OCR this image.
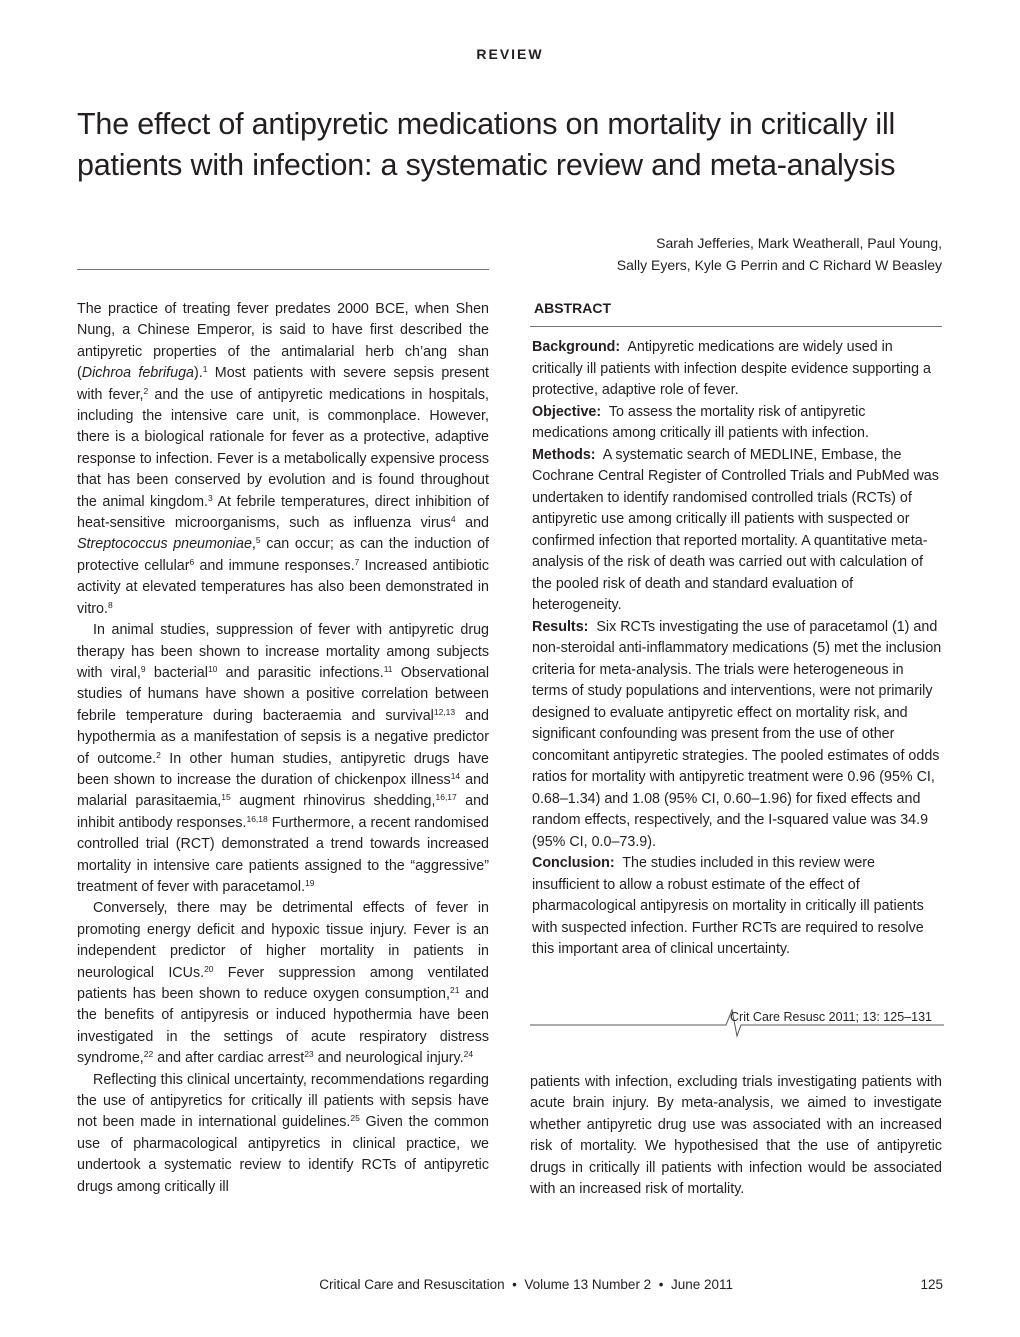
REVIEW
The effect of antipyretic medications on mortality in critically ill patients with infection: a systematic review and meta-analysis
Sarah Jefferies, Mark Weatherall, Paul Young,
Sally Eyers, Kyle G Perrin and C Richard W Beasley

The practice of treating fever predates 2000 BCE, when Shen Nung, a Chinese Emperor, is said to have first described the antipyretic properties of the antimalarial herb ch’ang shan (Dichroa febrifuga).$^1$ Most patients with severe sepsis present with fever,$^2$ and the use of antipyretic medications in hospitals, including the intensive care unit, is commonplace. However, there is a biological rationale for fever as a protective, adaptive response to infection. Fever is a metabolically expensive process that has been conserved by evolution and is found throughout the animal kingdom.$^3$ At febrile temperatures, direct inhibition of heat-sensitive microorganisms, such as influenza virus$^4$ and Streptococcus pneumoniae,$^5$ can occur; as can the induction of protective cellular$^6$ and immune responses.$^7$ Increased antibiotic activity at elevated temperatures has also been demonstrated in vitro.$^8$

In animal studies, suppression of fever with antipyretic drug therapy has been shown to increase mortality among subjects with viral,$^9$ bacterial$^{10}$ and parasitic infections.$^{11}$ Observational studies of humans have shown a positive correlation between febrile temperature during bacteraemia and survival$^{12,13}$ and hypothermia as a manifestation of sepsis is a negative predictor of outcome.$^2$ In other human studies, antipyretic drugs have been shown to increase the duration of chickenpox illness$^{14}$ and malarial parasitaemia,$^{15}$ augment rhinovirus shedding,$^{16,17}$ and inhibit antibody responses.$^{16,18}$ Furthermore, a recent randomised controlled trial (RCT) demonstrated a trend towards increased mortality in intensive care patients assigned to the “aggressive” treatment of fever with paracetamol.$^{19}$

Conversely, there may be detrimental effects of fever in promoting energy deficit and hypoxic tissue injury. Fever is an independent predictor of higher mortality in patients in neurological ICUs.$^{20}$ Fever suppression among ventilated patients has been shown to reduce oxygen consumption,$^{21}$ and the benefits of antipyresis or induced hypothermia have been investigated in the settings of acute respiratory distress syndrome,$^{22}$ and after cardiac arrest$^{23}$ and neurological injury.$^{24}$

Reflecting this clinical uncertainty, recommendations regarding the use of antipyretics for critically ill patients with sepsis have not been made in international guidelines.$^{25}$ Given the common use of pharmacological antipyretics in clinical practice, we undertook a systematic review to identify RCTs of antipyretic drugs among critically ill

ABSTRACT

Background: Antipyretic medications are widely used in critically ill patients with infection despite evidence supporting a protective, adaptive role of fever.

Objective: To assess the mortality risk of antipyretic medications among critically ill patients with infection.

Methods: A systematic search of MEDLINE, Embase, the Cochrane Central Register of Controlled Trials and PubMed was undertaken to identify randomised controlled trials (RCTs) of antipyretic use among critically ill patients with suspected or confirmed infection that reported mortality. A quantitative meta-analysis of the risk of death was carried out with calculation of the pooled risk of death and standard evaluation of heterogeneity.

Results: Six RCTs investigating the use of paracetamol (1) and non-steroidal anti-inflammatory medications (5) met the inclusion criteria for meta-analysis. The trials were heterogeneous in terms of study populations and interventions, were not primarily designed to evaluate antipyretic effect on mortality risk, and significant confounding was present from the use of other concomitant antipyretic strategies. The pooled estimates of odds ratios for mortality with antipyretic treatment were 0.96 (95% CI, 0.68–1.34) and 1.08 (95% CI, 0.60–1.96) for fixed effects and random effects, respectively, and the I-squared value was 34.9 (95% CI, 0.0–73.9).

Conclusion: The studies included in this review were insufficient to allow a robust estimate of the effect of pharmacological antipyresis on mortality in critically ill patients with suspected infection. Further RCTs are required to resolve this important area of clinical uncertainty.

Crit Care Resusc 2011; 13: 125–131

patients with infection, excluding trials investigating patients with acute brain injury. By meta-analysis, we aimed to investigate whether antipyretic drug use was associated with an increased risk of mortality. We hypothesised that the use of antipyretic drugs in critically ill patients with infection would be associated with an increased risk of mortality.

Critical Care and Resuscitation  •  Volume 13 Number 2  •  June 2011	125
